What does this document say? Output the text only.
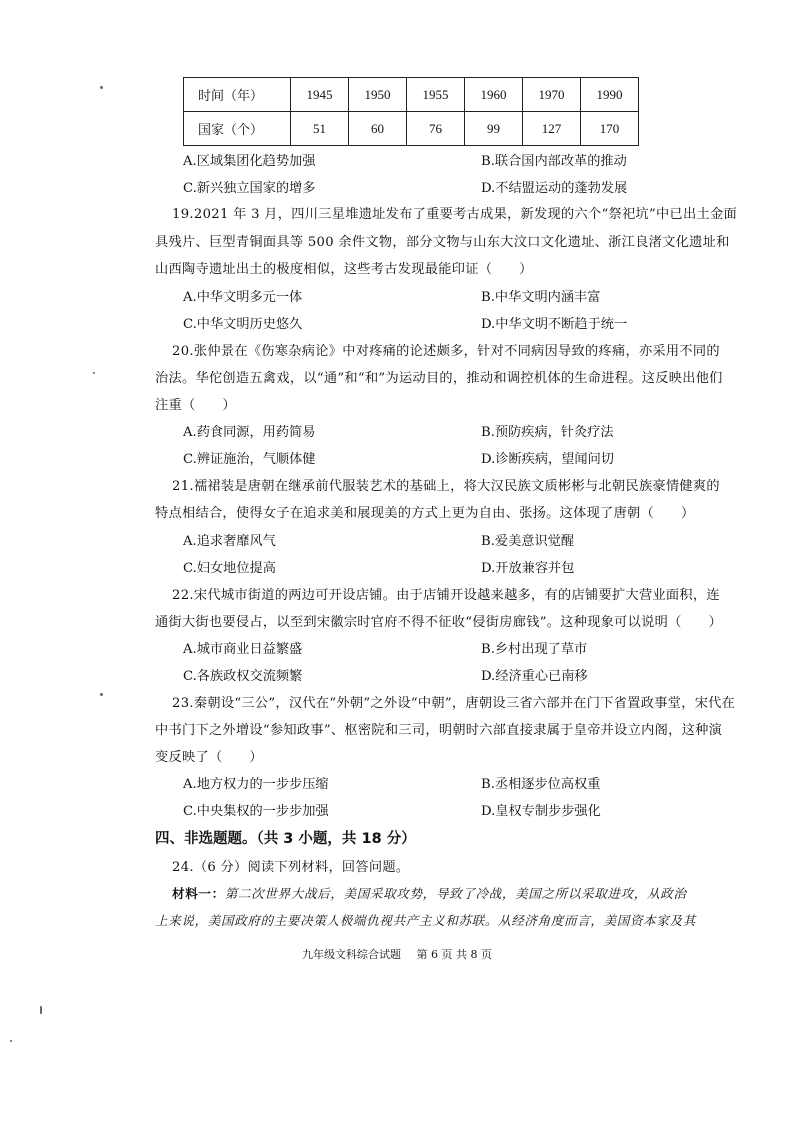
时间（年）	1945	1950	1955	1960	1970	1990
国家（个）	51	60	76	99	127	170
A.区域集团化趋势加强	B.联合国内部改革的推动
C.新兴独立国家的增多	D.不结盟运动的蓬勃发展
19.2021 年 3 月，四川三星堆遗址发布了重要考古成果，新发现的六个“祭祀坑”中已出土金面
具残片、巨型青铜面具等 500 余件文物，部分文物与山东大汶口文化遗址、浙江良渚文化遗址和
山西陶寺遗址出土的极度相似，这些考古发现最能印证（　　）
A.中华文明多元一体	B.中华文明内涵丰富
C.中华文明历史悠久	D.中华文明不断趋于统一
20.张仲景在《伤寒杂病论》中对疼痛的论述颇多，针对不同病因导致的疼痛，亦采用不同的
治法。华佗创造五禽戏，以“通”和“和”为运动目的，推动和调控机体的生命进程。这反映出他们
注重（　　）
A.药食同源，用药简易	B.预防疾病，针灸疗法
C.辨证施治，气顺体健	D.诊断疾病，望闻问切
21.襦裙装是唐朝在继承前代服装艺术的基础上，将大汉民族文质彬彬与北朝民族豪情健爽的
特点相结合，使得女子在追求美和展现美的方式上更为自由、张扬。这体现了唐朝（　　）
A.追求奢靡风气	B.爱美意识觉醒
C.妇女地位提高	D.开放兼容并包
22.宋代城市街道的两边可开设店铺。由于店铺开设越来越多，有的店铺要扩大营业面积，连
通街大街也要侵占，以至到宋徽宗时官府不得不征收“侵街房廊钱”。这种现象可以说明（　　）
A.城市商业日益繁盛	B.乡村出现了草市
C.各族政权交流频繁	D.经济重心已南移
23.秦朝设“三公”，汉代在“外朝”之外设“中朝”，唐朝设三省六部并在门下省置政事堂，宋代在
中书门下之外增设“参知政事”、枢密院和三司，明朝时六部直接隶属于皇帝并设立内阁，这种演
变反映了（　　）
A.地方权力的一步步压缩	B.丞相逐步位高权重
C.中央集权的一步步加强	D.皇权专制步步强化
四、非选题题。（共 3 小题，共 18 分）
24.（6 分）阅读下列材料，回答问题。
材料一：第二次世界大战后，美国采取攻势，导致了冷战，美国之所以采取进攻，从政治
上来说，美国政府的主要决策人极端仇视共产主义和苏联。从经济角度而言，美国资本家及其
九年级文科综合试题 第 6 页 共 8 页
